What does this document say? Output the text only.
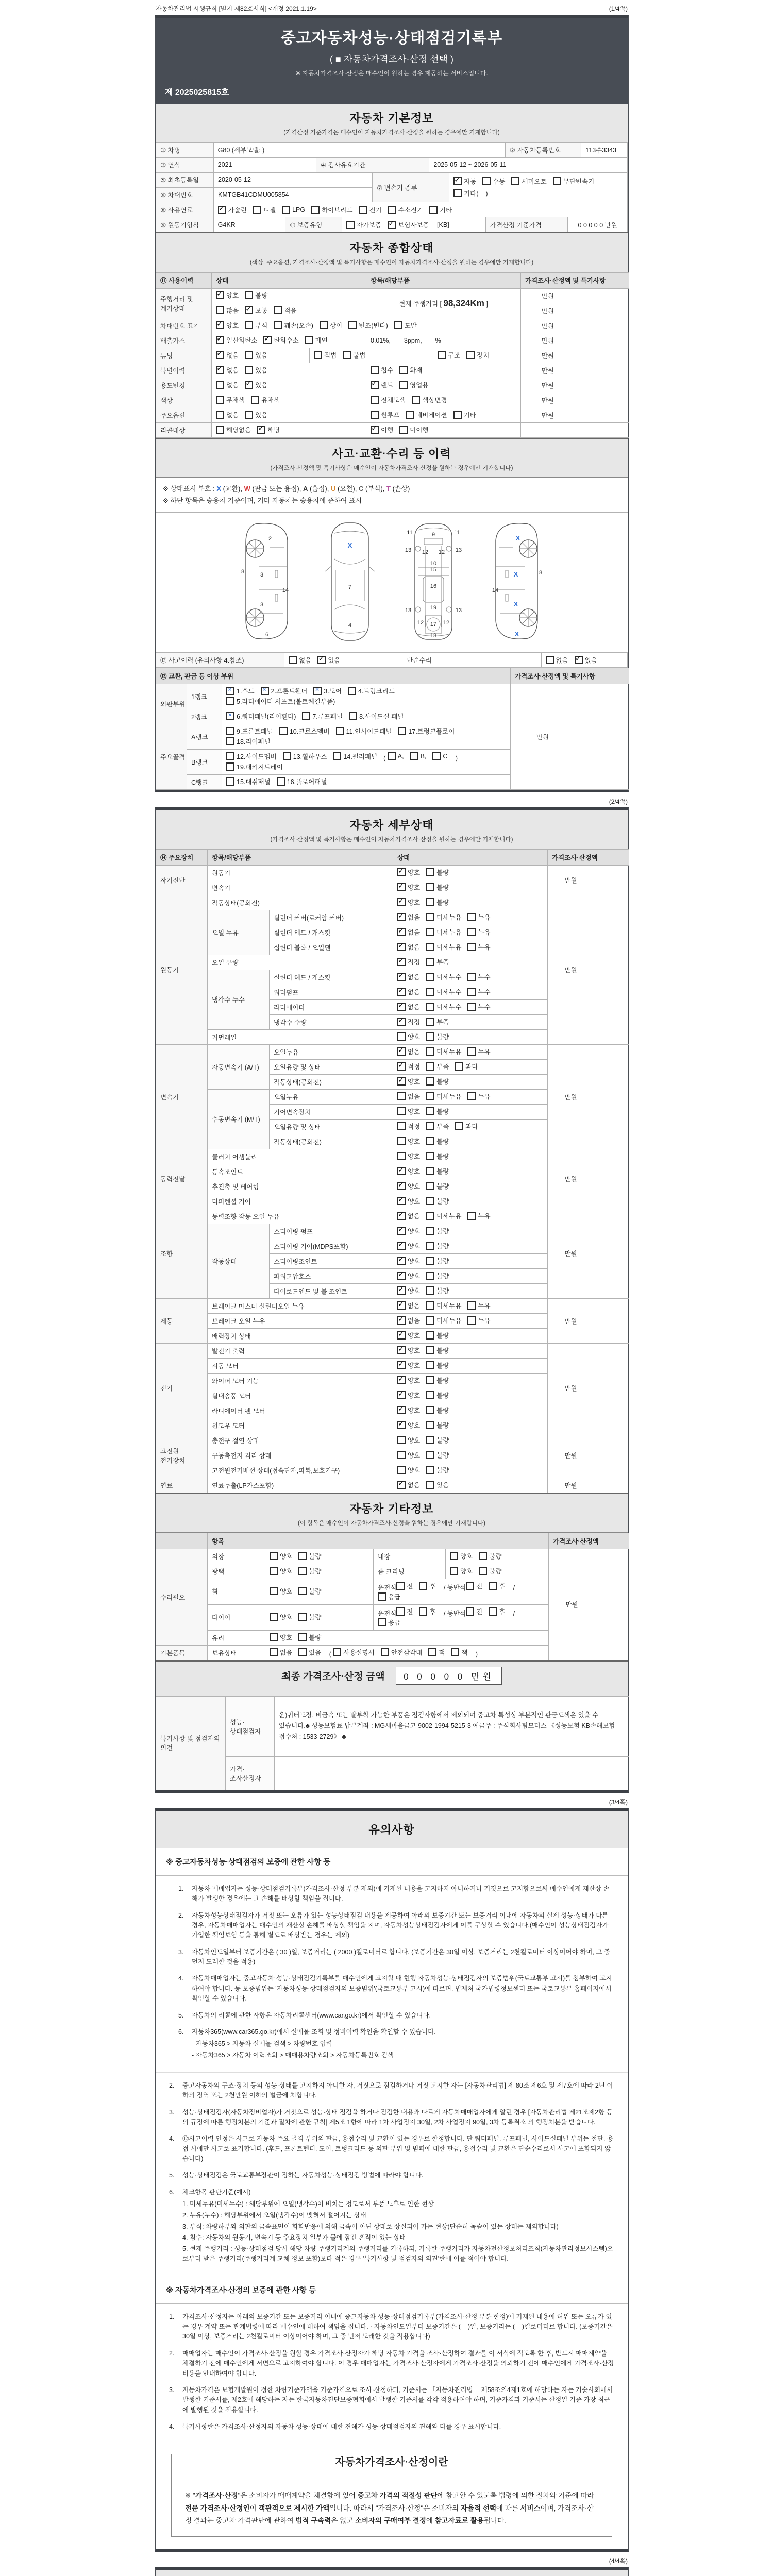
자동차관리법 시행규칙 [별지 제82호서식] <개정 2021.1.19>	(1/4쪽)
중고자동차성능·상태점검기록부
( ■ 자동차가격조사·산정 선택 )
※ 자동차가격조사·산정은 매수인이 원하는 경우 제공하는 서비스입니다.
제 2025025815호
자동차 기본정보
(가격산정 기준가격은 매수인이 자동차가격조사·산정을 원하는 경우에만 기재합니다)
① 차명	G80 (세부모델: )	② 자동차등록번호	113수3343
③ 연식	2021	④ 검사유효기간	2025-05-12 ~ 2026-05-11
⑤ 최초등록일	2020-05-12
⑥ 차대번호	KMTGB41CDMU005854
⑦ 변속기 종류
✓
자동	수동	세미오토	무단변속기
기타(    )
⑧ 사용연료 ✓	가솔린	디젤	LPG	하이브리드	전기	수소전기	기타
⑨ 원동기형식	G4KR	⑩ 보증유형	자가보증 ✓	보험사보증 [KB]	가격산정 기준가격	0 0 0 0 0 만원
자동차 종합상태
(색상, 주요옵션, 가격조사·산정액 및 특기사항은 매수인이 자동차가격조사·산정을 원하는 경우에만 기재합니다)
⑪ 사용이력	상태		항목/해당부품		가격조사·산정액 및 특기사항	
주행거리 및 계기상태	
✓
양호 불량		현재 주행거리 [ 98,324Km ]		만원	

	많음 ✓ 보통 적음				만원	
차대번호 표기	
✓양호	부식	훼손(오손)	상이	변조(변타)	도말	만원	
배출가스	
✓일산화탄소 ✓ 탄화수소 매연		0.01%, 3ppm, %		만원	
튜닝	
✓없음 있음	적법 불법		구조 장치	만원	
특별이력	
✓없음 있음		침수 화재		만원	
용도변경	없음 ✓ 있음

✓렌트 영업용		만원	
색상	무채색 유채색		전체도색 색상변경		만원	
주요옵션	없음 있음		썬루프 네비게이션 기타		만원	
리콜대상	해당없음 ✓ 해당

✓이행 미이행

사고·교환·수리 등 이력
(가격조사·산정액 및 특기사항은 매수인이 자동차가격조사·산정을 원하는 경우에만 기재합니다)
※ 상태표시 부호 : X (교환), W (판금 또는 용접), A (흠집), U (요철), C (부식), T (손상)
※ 하단 항목은 승용차 기준이며, 기타 자동차는 승용차에 준하여 표시
2
8	3
14
3
6
X
7
4
11	9	11
13 12 12 13
10
15
16
19
13	13
12 17 12
18
X
8
X
14
X
X
⑫ 사고이력 (유의사항 4.참조)	없음 ✓	있음	단순수리	없음 ✓	있음
⑬ 교환, 판금 등 이상 부위			가격조사·산정액 및 특기사항	
외판부위	1랭크	
✕
1.후드 ✕ 2.프론트휀더 ✕ 3.도어 4.트렁크리드

5.라디에이터 서포트(볼트체결부품)	만원	
	2랭크	
✕6.쿼터패널(리어휀다) 7.루프패널 8.사이드실 패널

주요골격	A랭크	9.프론트패널 10.크로스멤버 11.인사이드패널 17.트렁크플로어

18.리어패널		

B랭크	
12.사이드멤버	13.휠하우스	14.필러패널 ( A,	B,	C )

19.패키지트레이

	C랭크	15.대쉬패널 16.플로어패널		
(2/4쪽)
자동차 세부상태
(가격조사·산정액 및 특기사항은 매수인이 자동차가격조사·산정을 원하는 경우에만 기재합니다)
⑭ 주요장치	항목/해당부품		상태	가격조사·산정액	
자기진단	원동기	
✓양호 불량	만원	
	변속기	
✓양호 불량

원동기	작동상태(공회전)	
✓양호 불량	만원	
	오일 누유	실린더 커버(로커암 커버)	
✓없음 미세누유 누유

		실린더 헤드 / 개스킷	
✓없음 미세누유 누유

		실린더 블록 / 오일팬	
✓없음 미세누유 누유

	오일 유량	
✓적정 부족

	냉각수 누수	실린더 헤드 / 개스킷	
✓없음 미세누수 누수

		워터펌프	
✓없음 미세누수 누수

		라디에이터	
✓없음 미세누수 누수

		냉각수 수량	
✓적정 부족

	커먼레일		양호 불량		

변속기	자동변속기 (A/T)	오일누유	
✓없음 미세누유 누유	만원	
		오일유량 및 상태	
✓적정 부족 과다

		작동상태(공회전)	
✓양호 불량

	수동변속기 (M/T)	오일누유	없음 미세누유 누유		

		기어변속장치	양호 불량		

		오일유량 및 상태	적정 부족 과다		

		작동상태(공회전)	양호 불량		

동력전달	클러치 어셈블리		양호 불량	만원	
	등속조인트	
✓양호 불량

	추진축 및 베어링	
✓양호 불량

	디퍼렌셜 기어	
✓양호 불량

조향	동력조향 작동 오일 누유	
✓없음 미세누유 누유	만원	
	작동상태	스티어링 펌프	
✓양호 불량

		스티어링 기어(MDPS포함)	
✓양호 불량

		스티어링조인트	
✓양호 불량

		파워고압호스	
✓양호 불량

		타이로드엔드 및 볼 조인트	
✓양호 불량

제동	브레이크 마스터 실린더오일 누유	
✓없음 미세누유 누유	만원	
	브레이크 오일 누유	
✓없음 미세누유 누유

	배력장치 상태	
✓양호 불량

전기	발전기 출력	
✓양호 불량	만원	
	시동 모터	
✓양호 불량

	와이퍼 모터 기능	
✓양호 불량

	실내송풍 모터	
✓양호 불량

	라디에이터 팬 모터	
✓양호 불량

	윈도우 모터	
✓양호 불량

고전원 전기장치	충전구 절연 상태		양호 불량	만원	
	구동축전지 격리 상태		양호 불량		

	고전원전기배선 상태(접속단자,피복,보호기구)		양호 불량		

연료	연료누출(LP가스포함)	
✓없음 있음	만원	
자동차 기타정보
(이 항목은 매수인이 자동차가격조사·산정을 원하는 경우에만 기재합니다)
	항목				가격조사·산정액	
수리필요	외장	양호 불량	내장	양호 불량	만원	
	광택	양호 불량	룸 크리닝	양호 불량		

휠	양호	불량
	운전석 전	후 / 동반석 전	후 /
응급

타이어	양호	불량
	운전석 전	후 / 동반석 전	후 /
응급

	유리	양호 불량				

기본품목	보유상태	없음	있음 ( 사용설명서	안전삼각대	잭	잭 )
최종 가격조사·산정 금액 0 0 0 0 0 만원
특기사항 및 점검자의 의견	성능·상태점검자	운)쿼터도장, 비금속 또는 탈부착 가능한 부품은 점검사항에서 제외되며 중고차 특성상 부분적인 판금도색은 있을 수 있습니다.♣ 성능보험료 납부계좌 : MG새마을금고 9002-1994-5215-3 예금주 : 주식회사팀모터스 《성능보험 KB손해보험 접수처 : 1533-2729》 ♣
	가격·조사산정자	
(3/4쪽)
유의사항
※ 중고자동차성능·상태점검의 보증에 관한 사항 등
1.	자동차 매매업자는 성능·상태점검기록부(가격조사·산정 부분 제외)에 기재된 내용을 고지하지 아니하거나 거짓으로 고지함으로써 매수인에게 재산상 손해가 발생한 경우에는 그 손해를 배상할 책임을 집니다.
2.	자동차성능상태점검자가 거짓 또는 오류가 있는 성능상태점검 내용을 제공하여 아래의 보증기간 또는 보증거리 이내에 자동차의 실제 성능·상태가 다른 경우, 자동차매매업자는 매수인의 재산상 손해를 배상할 책임을 지며, 자동차성능상태점검자에게 이를 구상할 수 있습니다.(매수인이 성능상태점검자가 가입한 책임보험 등을 통해 별도로 배상받는 경우는 제외)
3.	자동차인도일부터 보증기간은 ( 30 )일, 보증거리는 ( 2000 )킬로미터로 합니다. (보증기간은 30일 이상, 보증거리는 2천킬로미터 이상이어야 하며, 그 중 먼저 도래한 것을 적용)
4.	자동차매매업자는 중고자동차 성능·상태점검기록부를 매수인에게 고지할 때 현행 자동차성능·상태점검자의 보증범위(국토교통부 고시)를 첨부하여 고지하여야 합니다. 동 보증범위는 '자동차성능·상태점검자의 보증범위'(국토교통부 고시)에 따르며, 법제처 국가법령정보센터 또는 국토교통부 홈페이지에서 확인할 수 있습니다.
5.	자동차의 리콜에 관한 사항은 자동차리콜센터(www.car.go.kr)에서 확인할 수 있습니다.
6.	자동차365(www.car365.go.kr)에서 실매물 조회 및 정비이력 확인을 확인할 수 있습니다.
- 자동차365 > 자동차 실매물 검색 > 차량번호 입력
- 자동차365 > 자동차 이력조회 > 매매용차량조회 > 자동차등록번호 검색
2.	중고자동차의 구조·장치 등의 성능·상태를 고지하지 아니한 자, 거짓으로 점검하거나 거짓 고지한 자는 [자동차관리법] 제 80조 제6호 및 제7호에 따라 2년 이하의 징역 또는 2천만원 이하의 벌금에 처합니다.
3.	성능·상태점검자(자동차정비업자)가 거짓으로 성능·상태 점검을 하거나 점검한 내용과 다르게 자동차매매업자에게 알린 경우 [자동차관리법 제21조제2항 등의 규정에 따른 행정처분의 기준과 절차에 관한 규칙] 제5조 1항에 따라 1차 사업정지 30일, 2차 사업정지 90일, 3차 등록취소 의 행정처분을 받습니다.
4.	⑫사고이력 인정은 사고로 자동차 주요 골격 부위의 판금, 용접수리 및 교환이 있는 경우로 한정합니다. 단 쿼터패널, 루프패널, 사이드실패널 부위는 절단, 용접 시에만 사고로 표기합니다. (후드, 프론트펜더, 도어, 트렁크리드 등 외판 부위 및 범퍼에 대한 판금, 용접수리 및 교환은 단순수리로서 사고에 포함되지 않습니다)
5.	성능·상태점검은 국토교통부장관이 정하는 자동차성능·상태점검 방법에 따라야 합니다.
6.	체크항목 판단기준(예시)
1. 미세누유(미세누수) : 해당부위에 오일(냉각수)이 비치는 정도로서 부품 노후로 인한 현상
2. 누유(누수) : 해당부위에서 오일(냉각수)이 맺혀서 떨어지는 상태
3. 부식: 차량하부와 외판의 금속표면이 화학반응에 의해 금속이 아닌 상태로 상실되어 가는 현상(단순히 녹슬어 있는 상태는 제외합니다)
4. 침수: 자동차의 원동기, 변속기 등 주요장치 일부가 물에 잠긴 흔적이 있는 상태
5. 현재 주행거리 : 성능·상태점검 당시 해당 차량 주행거리계의 주행거리를 기록하되, 기록한 주행거리가 자동차전산정보처리조직(자동차관리정보시스템)으로부터 받은 주행거리(주행거리계 교체 정보 포함)보다 적은 경우 '특기사항 및 점검자의 의견'란에 이를 적어야 합니다.
※ 자동차가격조사·산정의 보증에 관한 사항 등
1.	가격조사·산정자는 아래의 보증기간 또는 보증거리 이내에 중고자동차 성능·상태점검기록부(가격조사·산정 부분 한정)에 기재된 내용에 허위 또는 오류가 있는 경우 계약 또는 관계법령에 따라 매수인에 대하여 책임을 집니다. · 자동차인도일부터 보증기간은 (    )일, 보증거리는 (    )킬로미터로 합니다. (보증기간은 30일 이상, 보증거리는 2천킬로미터 이상이어야 하며, 그 중 먼저 도래한 것을 적용합니다)
2.	매매업자는 매수인이 가격조사·산정을 원할 경우 가격조사·산정자가 해당 자동차 가격을 조사·산정하여 결과를 이 서식에 적도록 한 후, 반드시 매매계약을 체결하기 전에 매수인에게 서면으로 고지하여야 합니다. 이 경우 매매업자는 가격조사·산정자에게 가격조사·산정을 의뢰하기 전에 매수인에게 가격조사·산정 비용을 안내하여야 합니다.
3.	자동차가격은 보험개발원이 정한 차량기준가액을 기준가격으로 조사·산정하되, 기준서는 「자동차관리법」 제58조의4제1호에 해당하는 자는 기술사회에서 발행한 기준서를, 제2호에 해당하는 자는 한국자동차진단보증협회에서 발행한 기준서를 각각 적용하여야 하며, 기준가격과 기준서는 산정일 기준 가장 최근에 발행된 것을 적용합니다.
4.	특기사항란은 가격조사·산정자의 자동차 성능·상태에 대한 견해가 성능·상태점검자의 견해와 다를 경우 표시합니다.
자동차가격조사·산정이란
※ "가격조사·산정"은 소비자가 매매계약을 체결함에 있어 중고차 가격의 적절성 판단에 참고할 수 있도록 법령에 의한 절차와 기준에 따라 전문 가격조사·산정인이 객관적으로 제시한 가액입니다. 따라서 "가격조사·산정"은 소비자의 자율적 선택에 따른 서비스이며, 가격조사·산정 결과는 중고차 가격판단에 관하여 법적 구속력은 없고 소비자의 구매여부 결정에 참고자료로 활용됩니다.
(4/4쪽)
